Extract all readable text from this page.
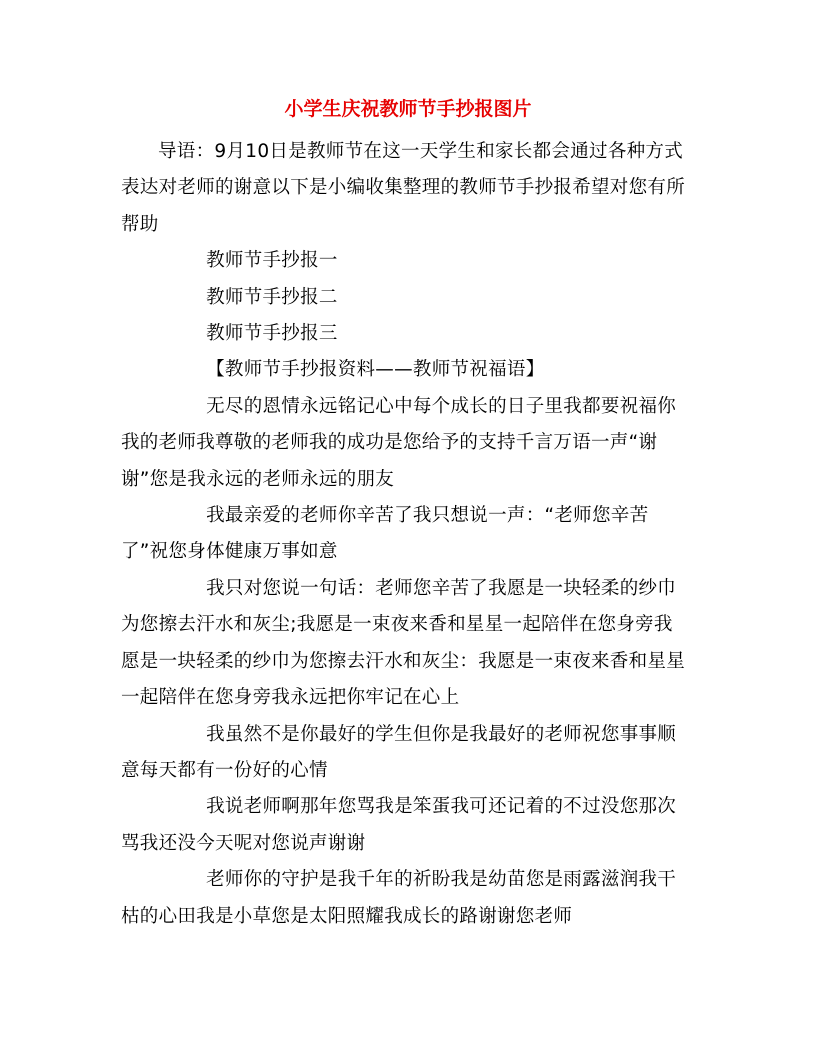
小学生庆祝教师节手抄报图片

导语：9月10日是教师节在这一天学生和家长都会通过各种方式表达对老师的谢意以下是小编收集整理的教师节手抄报希望对您有所帮助

教师节手抄报一

教师节手抄报二

教师节手抄报三

【教师节手抄报资料——教师节祝福语】

无尽的恩情永远铭记心中每个成长的日子里我都要祝福你我的老师我尊敬的老师我的成功是您给予的支持千言万语一声“谢谢”您是我永远的老师永远的朋友

我最亲爱的老师你辛苦了我只想说一声：“老师您辛苦了”祝您身体健康万事如意

我只对您说一句话：老师您辛苦了我愿是一块轻柔的纱巾为您擦去汗水和灰尘;我愿是一束夜来香和星星一起陪伴在您身旁我愿是一块轻柔的纱巾为您擦去汗水和灰尘：我愿是一束夜来香和星星一起陪伴在您身旁我永远把你牢记在心上

我虽然不是你最好的学生但你是我最好的老师祝您事事顺意每天都有一份好的心情

我说老师啊那年您骂我是笨蛋我可还记着的不过没您那次骂我还没今天呢对您说声谢谢

老师你的守护是我千年的祈盼我是幼苗您是雨露滋润我干枯的心田我是小草您是太阳照耀我成长的路谢谢您老师
